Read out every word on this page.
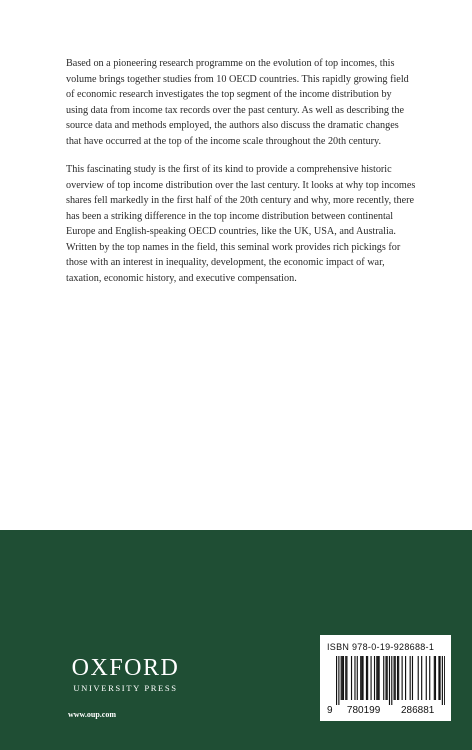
Based on a pioneering research programme on the evolution of top incomes, this volume brings together studies from 10 OECD countries. This rapidly growing field of economic research investigates the top segment of the income distribution by using data from income tax records over the past century. As well as describing the source data and methods employed, the authors also discuss the dramatic changes that have occurred at the top of the income scale throughout the 20th century.

This fascinating study is the first of its kind to provide a comprehensive historic overview of top income distribution over the last century. It looks at why top incomes shares fell markedly in the first half of the 20th century and why, more recently, there has been a striking difference in the top income distribution between continental Europe and English-speaking OECD countries, like the UK, USA, and Australia. Written by the top names in the field, this seminal work provides rich pickings for those with an interest in inequality, development, the economic impact of war, taxation, economic history, and executive compensation.

OXFORD
UNIVERSITY PRESS
www.oup.com
ISBN 978-0-19-928688-1
9 780199 286881
